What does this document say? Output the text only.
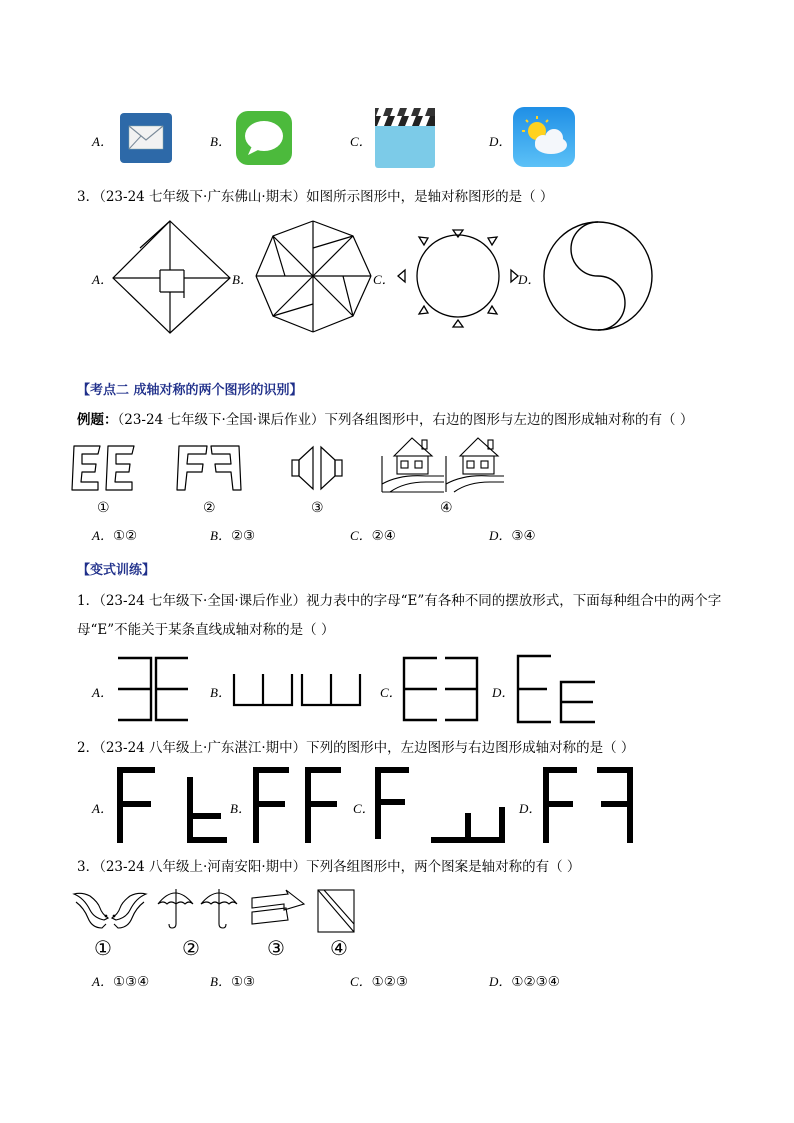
A．	B．	C．	D．
3．（23-24 七年级下·广东佛山·期末）如图所示图形中，是轴对称图形的是（ ）
A．	B．	C．	D．
【考点二 成轴对称的两个图形的识别】
例题：（23-24 七年级下·全国·课后作业）下列各组图形中，右边的图形与左边的图形成轴对称的有（ ）
①	②	③	④
A．①②	B．②③	C．②④	D．③④
【变式训练】
1．（23-24 七年级下·全国·课后作业）视力表中的字母“E”有各种不同的摆放形式，下面每种组合中的两个字
母“E”不能关于某条直线成轴对称的是（ ）
A．	B．	C．	D．
2．（23-24 八年级上·广东湛江·期中）下列的图形中，左边图形与右边图形成轴对称的是（ ）
A．	B．	C．	D．
3．（23-24 八年级上·河南安阳·期中）下列各组图形中，两个图案是轴对称的有（ ）
①	②	③ ④
A．①③④	B．①③	C．①②③	D．①②③④
